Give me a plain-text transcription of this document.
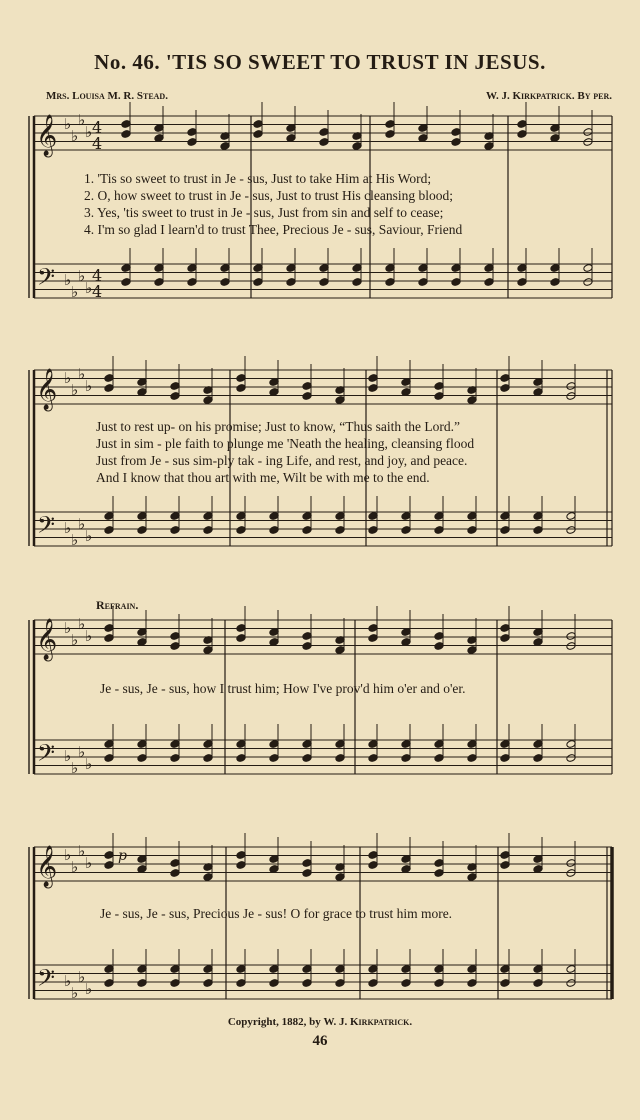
No. 46. 'TIS SO SWEET TO TRUST IN JESUS.
Mrs. Louisa M. R. Stead.	W. J. Kirkpatrick. By per.
𝄞
𝄢
♭
♭
♭
♭
♭
♭
♭
♭
4
4
4
4
𝄞
𝄢
♭
♭
♭
♭
♭
♭
♭
♭
𝄞
𝄢
♭
♭
♭
♭
♭
♭
♭
♭
𝄞
𝄢
♭
♭
♭
♭
♭
♭
♭
♭
p
1. 'Tis so sweet to trust in Je - sus, Just to take Him at His Word;
2. O, how sweet to trust in Je - sus, Just to trust His cleansing blood;
3. Yes, 'tis sweet to trust in Je - sus, Just from sin and self to cease;
4. I'm so glad I learn'd to trust Thee, Precious Je - sus, Saviour, Friend
Just to rest up- on his promise; Just to know, “Thus saith the Lord.”
Just in sim - ple faith to plunge me 'Neath the healing, cleansing flood
Just from Je - sus sim-ply tak - ing Life, and rest, and joy, and peace.
And I know that thou art with me, Wilt be with me to the end.
Refrain.
Je - sus, Je - sus, how I trust him; How I've prov'd him o'er and o'er.
Je - sus, Je - sus, Precious Je - sus! O for grace to trust him more.
Copyright, 1882, by W. J. Kirkpatrick.
46
